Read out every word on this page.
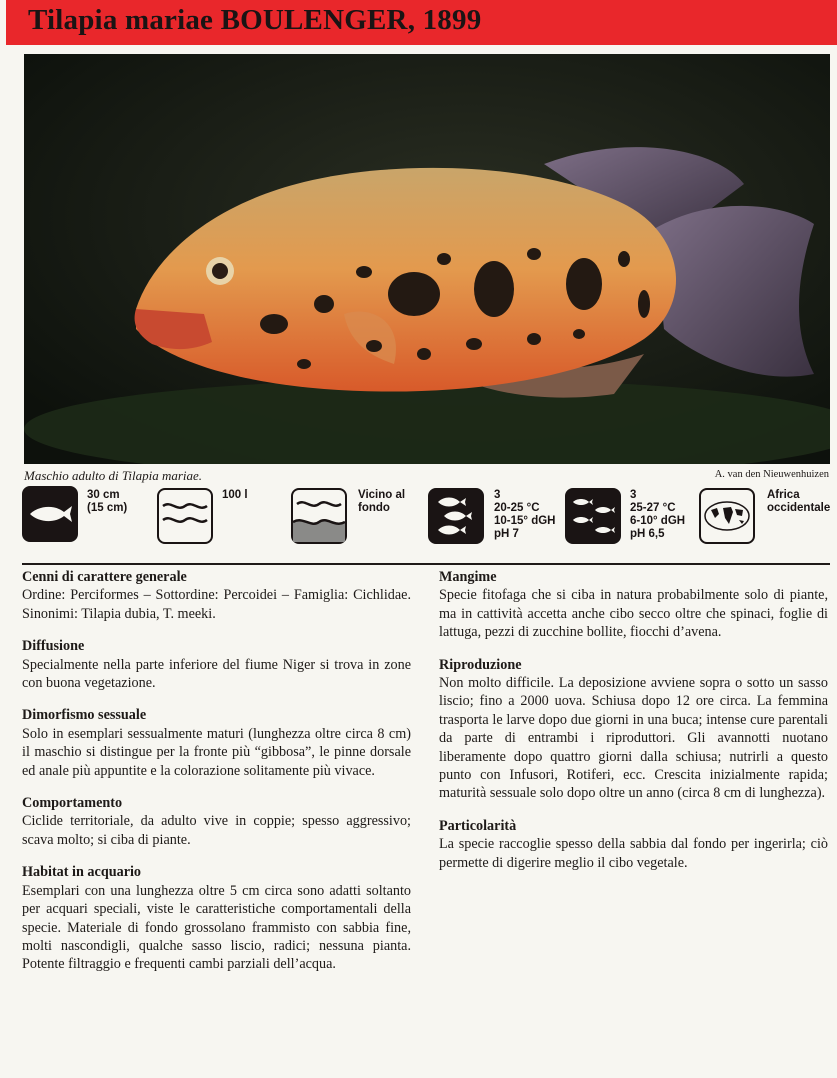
Tilapia mariae BOULENGER, 1899
Maschio adulto di Tilapia mariae.	A. van den Nieuwenhuizen
30 cm
(15 cm)
100 l	Vicino al
fondo
3
20-25 °C
10-15° dGH
pH 7
3
25-27 °C
6-10° dGH
pH 6,5
Africa
occidentale
Cenni di carattere generale

Ordine: Perciformes – Sottordine: Percoidei – Famiglia: Cichlidae. Sinonimi: Tilapia dubia, T. meeki.

Diffusione

Specialmente nella parte inferiore del fiume Niger si trova in zone con buona vegetazione.

Dimorfismo sessuale

Solo in esemplari sessualmente maturi (lunghezza oltre circa 8 cm) il maschio si distingue per la fronte più “gibbosa”, le pinne dorsale ed anale più appuntite e la colorazione solitamente più vivace.

Comportamento

Ciclide territoriale, da adulto vive in coppie; spesso aggressivo; scava molto; si ciba di piante.

Habitat in acquario

Esemplari con una lunghezza oltre 5 cm circa sono adatti soltanto per acquari speciali, viste le caratteristiche comportamentali della specie. Materiale di fondo grossolano frammisto con sabbia fine, molti nascondigli, qualche sasso liscio, radici; nessuna pianta. Potente filtraggio e frequenti cambi parziali dell’acqua.

Mangime

Specie fitofaga che si ciba in natura probabilmente solo di piante, ma in cattività accetta anche cibo secco oltre che spinaci, foglie di lattuga, pezzi di zucchine bollite, fiocchi d’avena.

Riproduzione

Non molto difficile. La deposizione avviene sopra o sotto un sasso liscio; fino a 2000 uova. Schiusa dopo 12 ore circa. La femmina trasporta le larve dopo due giorni in una buca; intense cure parentali da parte di entrambi i riproduttori. Gli avannotti nuotano liberamente dopo quattro giorni dalla schiusa; nutrirli a questo punto con Infusori, Rotiferi, ecc. Crescita inizialmente rapida; maturità sessuale solo dopo oltre un anno (circa 8 cm di lunghezza).

Particolarità

La specie raccoglie spesso della sabbia dal fondo per ingerirla; ciò permette di digerire meglio il cibo vegetale.
